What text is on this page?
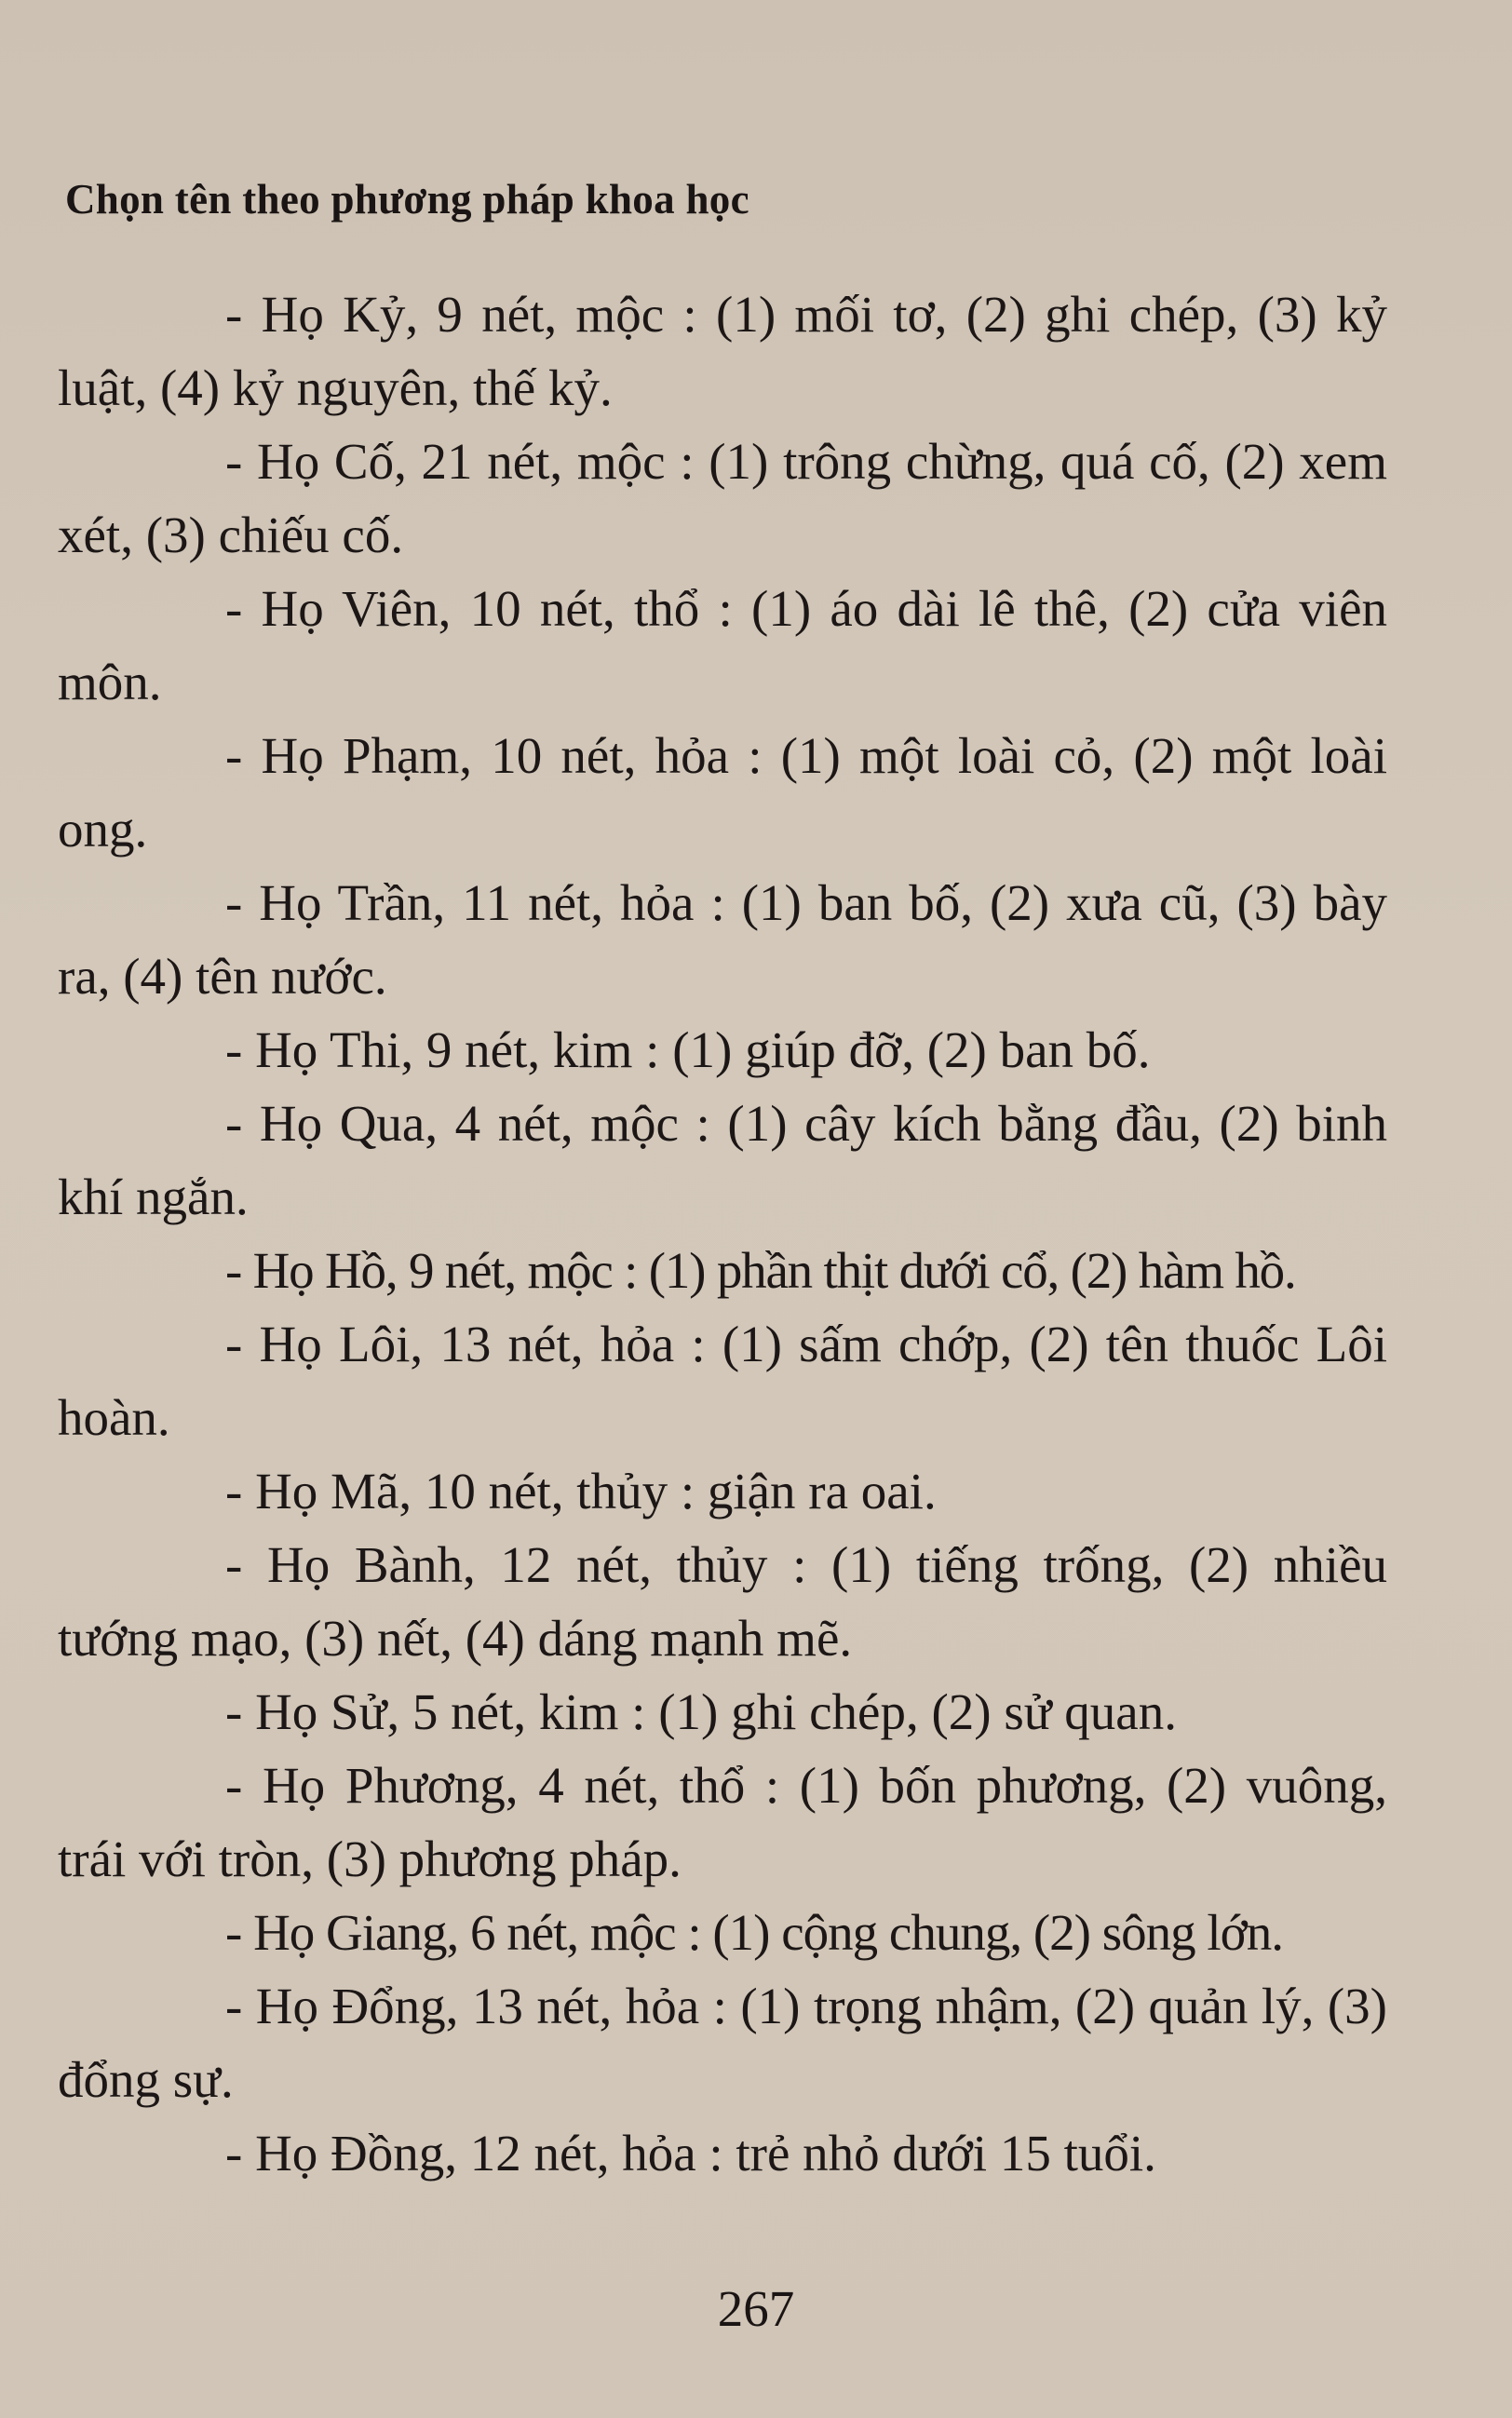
Chọn tên theo phương pháp khoa học

- Họ Kỷ, 9 nét, mộc : (1) mối tơ, (2) ghi chép, (3) kỷ luật, (4) kỷ nguyên, thế kỷ.

- Họ Cố, 21 nét, mộc : (1) trông chừng, quá cố, (2) xem xét, (3) chiếu cố.

- Họ Viên, 10 nét, thổ : (1) áo dài lê thê, (2) cửa viên môn.

- Họ Phạm, 10 nét, hỏa : (1) một loài cỏ, (2) một loài ong.

- Họ Trần, 11 nét, hỏa : (1) ban bố, (2) xưa cũ, (3) bày ra, (4) tên nước.

- Họ Thi, 9 nét, kim : (1) giúp đỡ, (2) ban bố.

- Họ Qua, 4 nét, mộc : (1) cây kích bằng đầu, (2) binh khí ngắn.

- Họ Hồ, 9 nét, mộc : (1) phần thịt dưới cổ, (2) hàm hồ.

- Họ Lôi, 13 nét, hỏa : (1) sấm chớp, (2) tên thuốc Lôi hoàn.

- Họ Mã, 10 nét, thủy : giận ra oai.

- Họ Bành, 12 nét, thủy : (1) tiếng trống, (2) nhiều tướng mạo, (3) nết, (4) dáng mạnh mẽ.

- Họ Sử, 5 nét, kim : (1) ghi chép, (2) sử quan.

- Họ Phương, 4 nét, thổ : (1) bốn phương, (2) vuông, trái với tròn, (3) phương pháp.

- Họ Giang, 6 nét, mộc : (1) cộng chung, (2) sông lớn.

- Họ Đổng, 13 nét, hỏa : (1) trọng nhậm, (2) quản lý, (3) đổng sự.

- Họ Đồng, 12 nét, hỏa : trẻ nhỏ dưới 15 tuổi.

267
